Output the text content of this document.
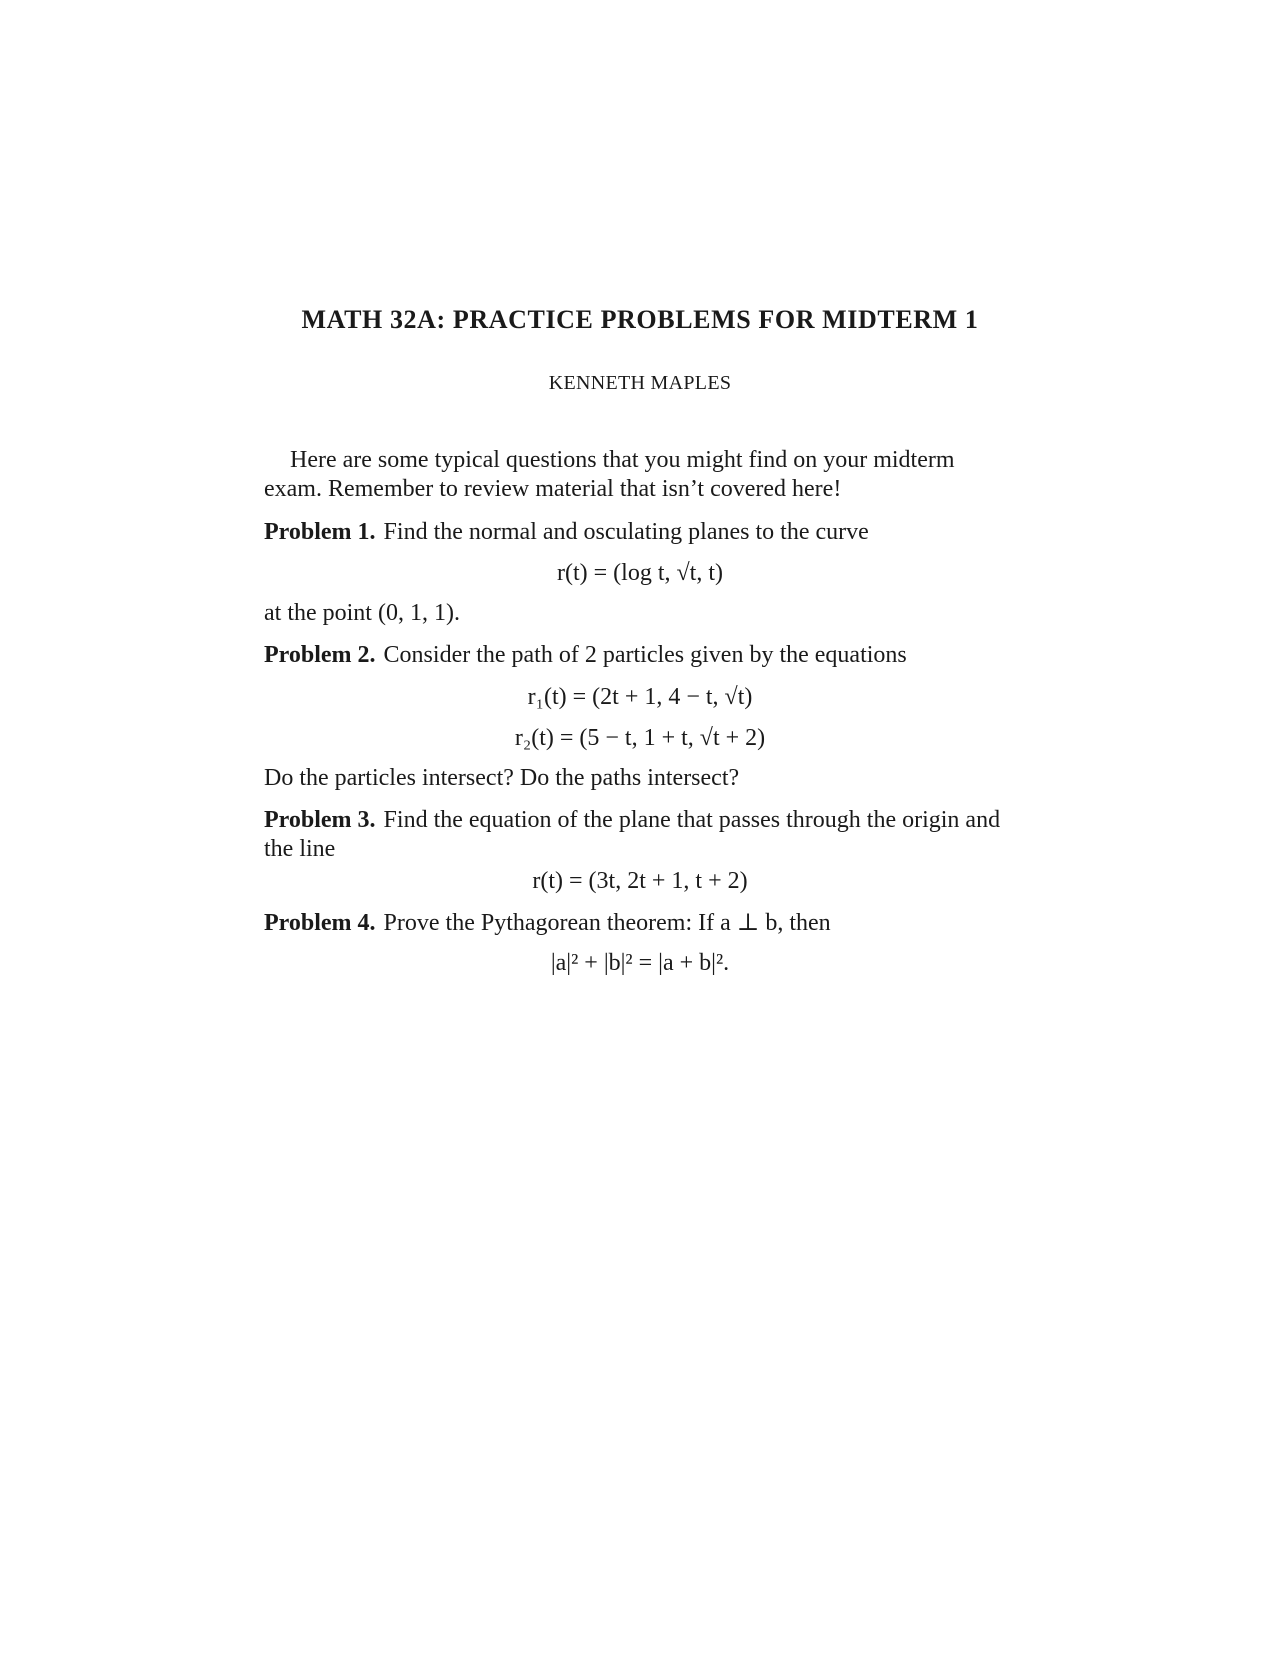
MATH 32A: PRACTICE PROBLEMS FOR MIDTERM 1
KENNETH MAPLES
Here are some typical questions that you might find on your midterm exam. Remember to review material that isn’t covered here!
Problem 1. Find the normal and osculating planes to the curve
r(t) = (log t, √t, t)
at the point (0, 1, 1).
Problem 2. Consider the path of 2 particles given by the equations
r₁(t) = (2t + 1, 4 − t, √t)
r₂(t) = (5 − t, 1 + t, √t + 2)
Do the particles intersect? Do the paths intersect?
Problem 3. Find the equation of the plane that passes through the origin and the line
r(t) = (3t, 2t + 1, t + 2)
Problem 4. Prove the Pythagorean theorem: If a ⊥ b, then
|a|² + |b|² = |a + b|².
